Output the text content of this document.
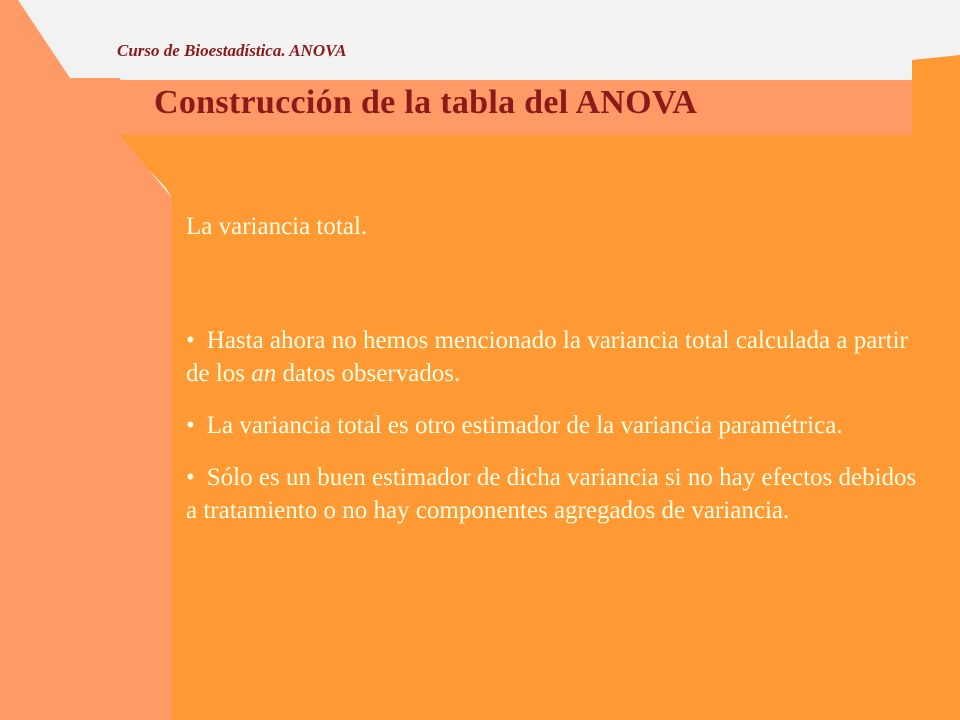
Curso de Bioestadística. ANOVA
Construcción de la tabla del ANOVA

La variancia total.

• Hasta ahora no hemos mencionado la variancia total calculada a partir de los an datos observados.

• La variancia total es otro estimador de la variancia paramétrica.

• Sólo es un buen estimador de dicha variancia si no hay efectos debidos a tratamiento o no hay componentes agregados de variancia.
